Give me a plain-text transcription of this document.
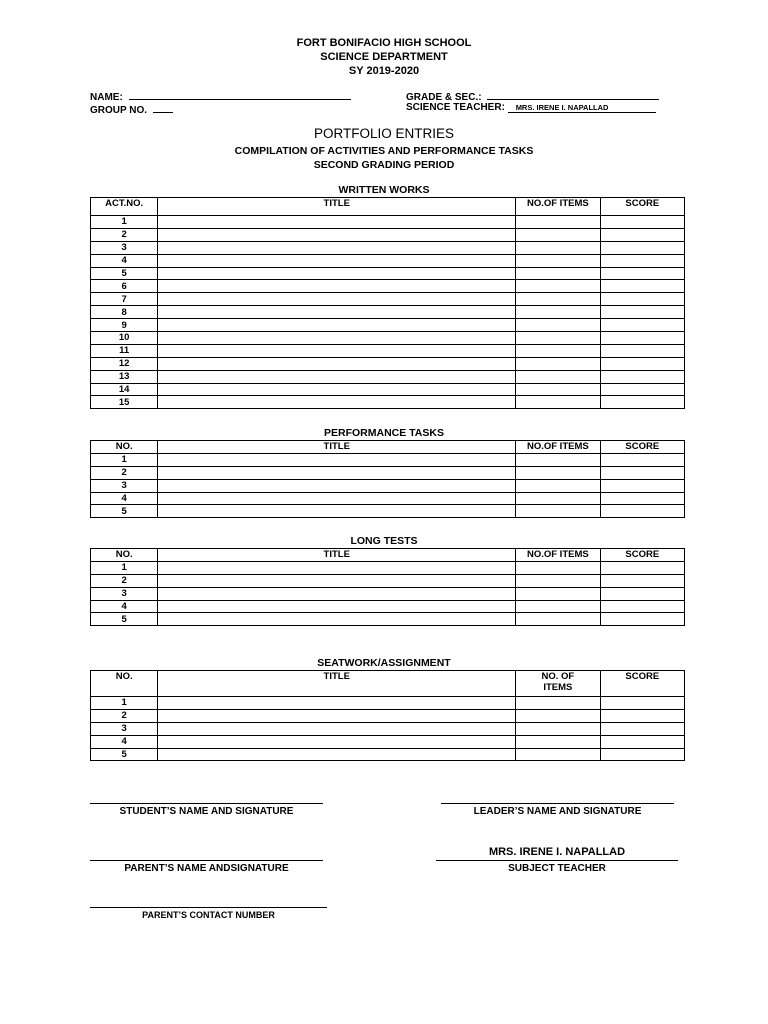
FORT BONIFACIO HIGH SCHOOL
SCIENCE DEPARTMENT
SY 2019-2020
NAME:
GROUP NO.
GRADE & SEC.:
SCIENCE TEACHER: MRS. IRENE I. NAPALLAD
PORTFOLIO ENTRIES
COMPILATION OF ACTIVITIES AND PERFORMANCE TASKS
SECOND GRADING PERIOD
WRITTEN WORKS
ACT.NO.	TITLE	NO.OF ITEMS	SCORE
1			
2			
3			
4			
5			
6			
7			
8			
9			
10			
11			
12			
13			
14			
15			
PERFORMANCE TASKS
NO.	TITLE	NO.OF ITEMS	SCORE
1			
2			
3			
4			
5			
LONG TESTS
NO.	TITLE	NO.OF ITEMS	SCORE
1			
2			
3			
4			
5			
SEATWORK/ASSIGNMENT
NO.	TITLE	NO. OF ITEMS	SCORE
1			
2			
3			
4			
5			
STUDENT’S NAME AND SIGNATURE	LEADER’S NAME AND SIGNATURE
PARENT’S NAME ANDSIGNATURE
MRS. IRENE I. NAPALLAD
SUBJECT TEACHER
PARENT’S CONTACT NUMBER
